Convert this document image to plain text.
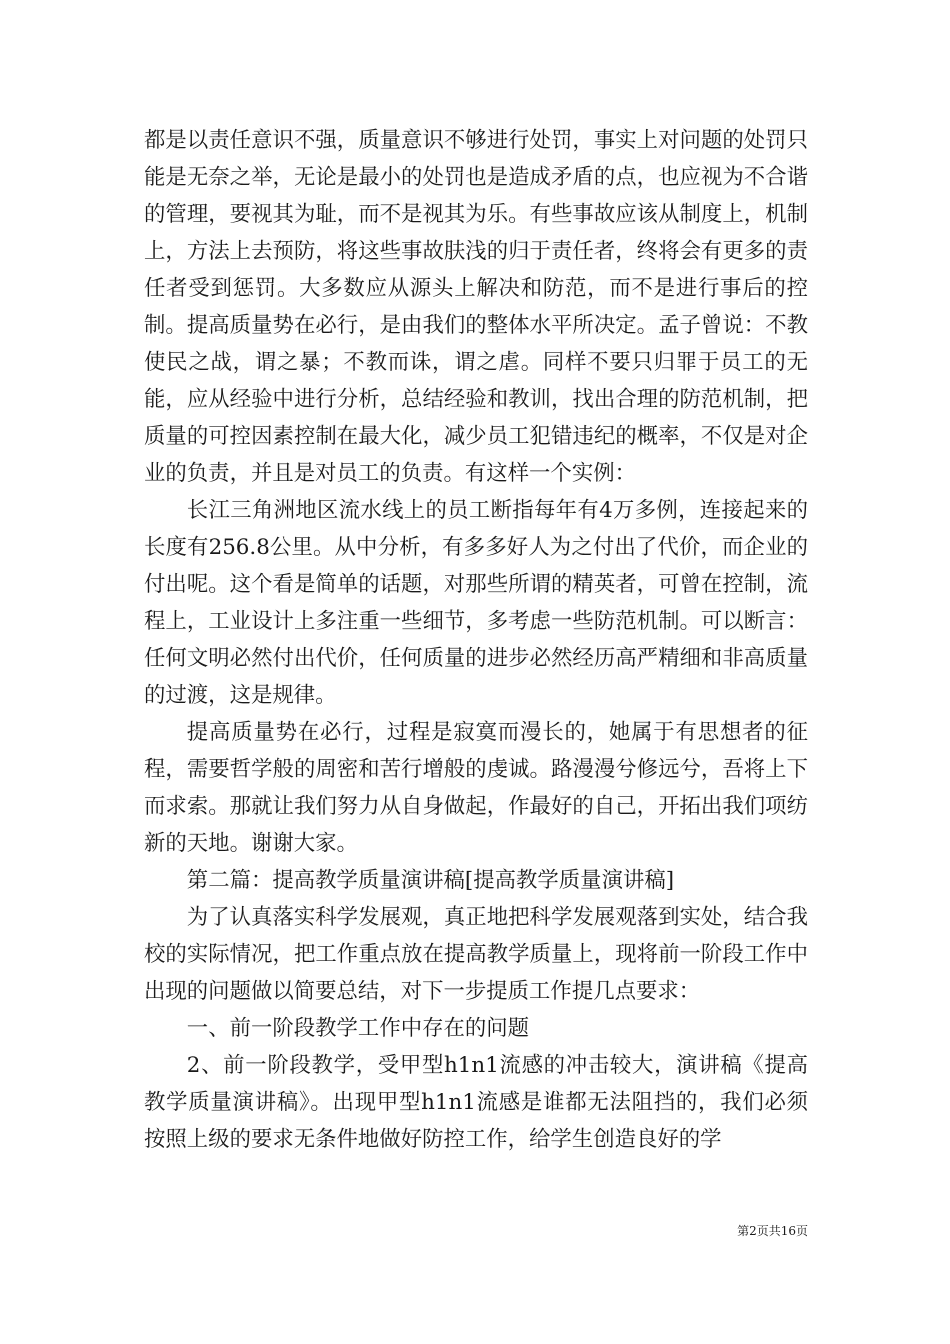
都是以责任意识不强，质量意识不够进行处罚，事实上对问题的处罚只能是无奈之举，无论是最小的处罚也是造成矛盾的点，也应视为不合谐的管理，要视其为耻，而不是视其为乐。有些事故应该从制度上，机制上，方法上去预防，将这些事故肤浅的归于责任者，终将会有更多的责任者受到惩罚。大多数应从源头上解决和防范，而不是进行事后的控制。提高质量势在必行，是由我们的整体水平所决定。孟子曾说：不教使民之战，谓之暴；不教而诛，谓之虐。同样不要只归罪于员工的无能，应从经验中进行分析，总结经验和教训，找出合理的防范机制，把质量的可控因素控制在最大化，减少员工犯错违纪的概率，不仅是对企业的负责，并且是对员工的负责。有这样一个实例：

长江三角洲地区流水线上的员工断指每年有4万多例，连接起来的长度有256.8公里。从中分析，有多多好人为之付出了代价，而企业的付出呢。这个看是简单的话题，对那些所谓的精英者，可曾在控制，流程上，工业设计上多注重一些细节，多考虑一些防范机制。可以断言：任何文明必然付出代价，任何质量的进步必然经历高严精细和非高质量的过渡，这是规律。

提高质量势在必行，过程是寂寞而漫长的，她属于有思想者的征程，需要哲学般的周密和苦行增般的虔诚。路漫漫兮修远兮，吾将上下而求索。那就让我们努力从自身做起，作最好的自己，开拓出我们项纺新的天地。谢谢大家。

第二篇：提高教学质量演讲稿[提高教学质量演讲稿]

为了认真落实科学发展观，真正地把科学发展观落到实处，结合我校的实际情况，把工作重点放在提高教学质量上，现将前一阶段工作中出现的问题做以简要总结，对下一步提质工作提几点要求：

一、前一阶段教学工作中存在的问题

2、前一阶段教学，受甲型h1n1流感的冲击较大，演讲稿《提高教学质量演讲稿》。出现甲型h1n1流感是谁都无法阻挡的，我们必须按照上级的要求无条件地做好防控工作，给学生创造良好的学

第2页共16页
